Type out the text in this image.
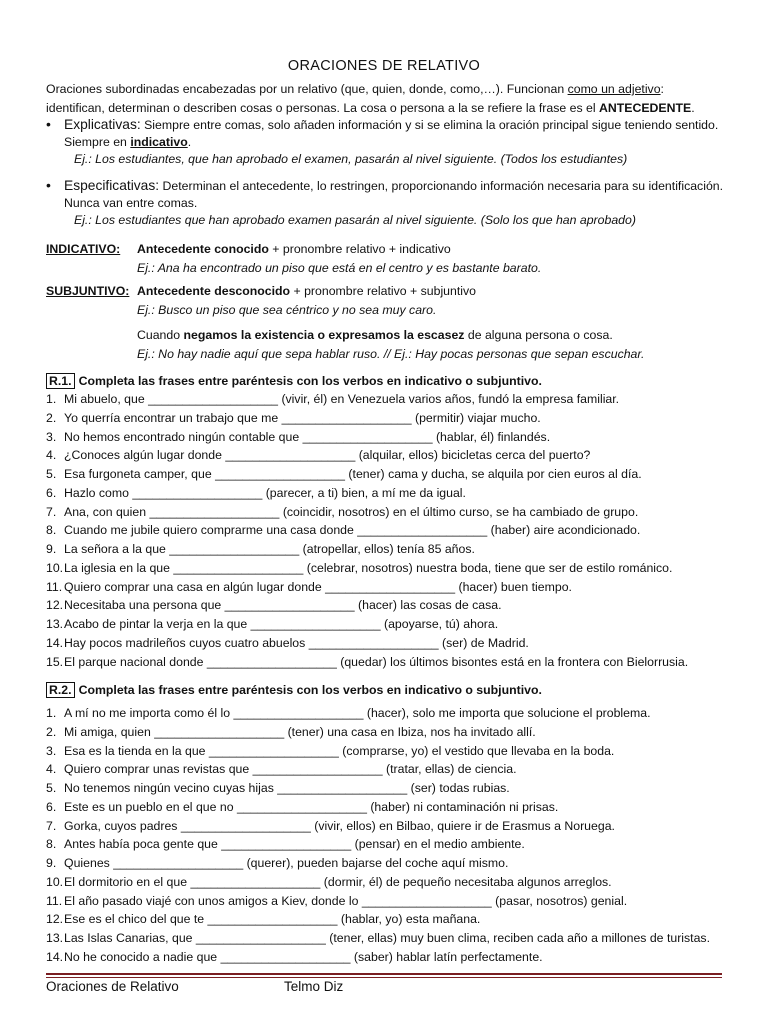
ORACIONES DE RELATIVO
Oraciones subordinadas encabezadas por un relativo (que, quien, donde, como,…). Funcionan como un adjetivo:
identifican, determinan o describen cosas o personas. La cosa o persona a la se refiere la frase es el ANTECEDENTE.
• Explicativas: Siempre entre comas, solo añaden información y si se elimina la oración principal sigue teniendo sentido. Siempre en indicativo.
Ej.: Los estudiantes, que han aprobado el examen, pasarán al nivel siguiente. (Todos los estudiantes)
• Especificativas: Determinan el antecedente, lo restringen, proporcionando información necesaria para su identificación. Nunca van entre comas.
Ej.: Los estudiantes que han aprobado examen pasarán al nivel siguiente. (Solo los que han aprobado)
INDICATIVO: Antecedente conocido + pronombre relativo + indicativo
Ej.: Ana ha encontrado un piso que está en el centro y es bastante barato.
SUBJUNTIVO: Antecedente desconocido + pronombre relativo + subjuntivo
Ej.: Busco un piso que sea céntrico y no sea muy caro.
Cuando negamos la existencia o expresamos la escasez de alguna persona o cosa.
Ej.: No hay nadie aquí que sepa hablar ruso. // Ej.: Hay pocas personas que sepan escuchar.
R.1. Completa las frases entre paréntesis con los verbos en indicativo o subjuntivo.
1. Mi abuelo, que ___________________ (vivir, él) en Venezuela varios años, fundó la empresa familiar.
2. Yo querría encontrar un trabajo que me ___________________ (permitir) viajar mucho.
3. No hemos encontrado ningún contable que ___________________ (hablar, él) finlandés.
4. ¿Conoces algún lugar donde ___________________ (alquilar, ellos) bicicletas cerca del puerto?
5. Esa furgoneta camper, que ___________________ (tener) cama y ducha, se alquila por cien euros al día.
6. Hazlo como ___________________ (parecer, a ti) bien, a mí me da igual.
7. Ana, con quien ___________________ (coincidir, nosotros) en el último curso, se ha cambiado de grupo.
8. Cuando me jubile quiero comprarme una casa donde ___________________ (haber) aire acondicionado.
9. La señora a la que ___________________ (atropellar, ellos) tenía 85 años.
10.La iglesia en la que ___________________ (celebrar, nosotros) nuestra boda, tiene que ser de estilo románico.
11. Quiero comprar una casa en algún lugar donde ___________________ (hacer) buen tiempo.
12.Necesitaba una persona que ___________________ (hacer) las cosas de casa.
13.Acabo de pintar la verja en la que ___________________ (apoyarse, tú) ahora.
14.Hay pocos madrileños cuyos cuatro abuelos ___________________ (ser) de Madrid.
15.El parque nacional donde ___________________ (quedar) los últimos bisontes está en la frontera con Bielorrusia.
R.2. Completa las frases entre paréntesis con los verbos en indicativo o subjuntivo.
1. A mí no me importa como él lo ___________________ (hacer), solo me importa que solucione el problema.
2. Mi amiga, quien ___________________ (tener) una casa en Ibiza, nos ha invitado allí.
3. Esa es la tienda en la que ___________________ (comprarse, yo) el vestido que llevaba en la boda.
4. Quiero comprar unas revistas que ___________________ (tratar, ellas) de ciencia.
5. No tenemos ningún vecino cuyas hijas ___________________ (ser) todas rubias.
6. Este es un pueblo en el que no ___________________ (haber) ni contaminación ni prisas.
7. Gorka, cuyos padres ___________________ (vivir, ellos) en Bilbao, quiere ir de Erasmus a Noruega.
8. Antes había poca gente que ___________________ (pensar) en el medio ambiente.
9. Quienes ___________________ (querer), pueden bajarse del coche aquí mismo.
10.El dormitorio en el que ___________________ (dormir, él) de pequeño necesitaba algunos arreglos.
11. El año pasado viajé con unos amigos a Kiev, donde lo ___________________ (pasar, nosotros) genial.
12.Ese es el chico del que te ___________________ (hablar, yo) esta mañana.
13.Las Islas Canarias, que ___________________ (tener, ellas) muy buen clima, reciben cada año a millones de turistas.
14.No he conocido a nadie que ___________________ (saber) hablar latín perfectamente.
Oraciones de Relativo	Telmo Diz
